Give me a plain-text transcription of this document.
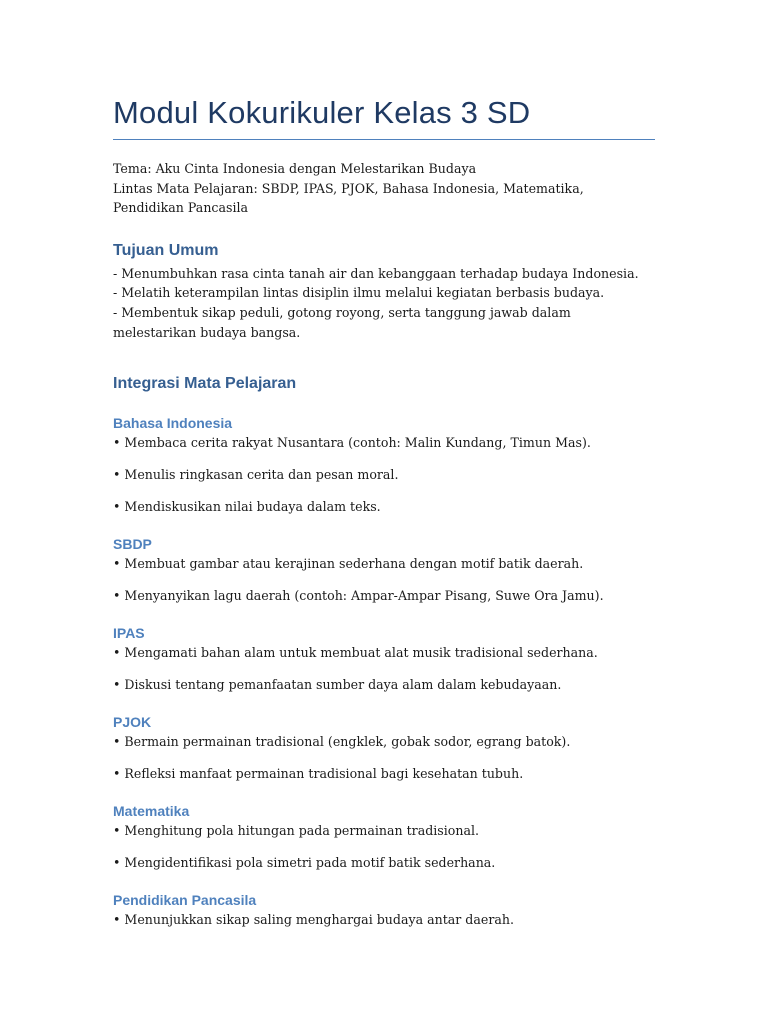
Modul Kokurikuler Kelas 3 SD

Tema: Aku Cinta Indonesia dengan Melestarikan Budaya

Lintas Mata Pelajaran: SBDP, IPAS, PJOK, Bahasa Indonesia, Matematika, Pendidikan Pancasila

Tujuan Umum
- Menumbuhkan rasa cinta tanah air dan kebanggaan terhadap budaya Indonesia.
- Melatih keterampilan lintas disiplin ilmu melalui kegiatan berbasis budaya.
- Membentuk sikap peduli, gotong royong, serta tanggung jawab dalam melestarikan budaya bangsa.
Integrasi Mata Pelajaran
Bahasa Indonesia
• Membaca cerita rakyat Nusantara (contoh: Malin Kundang, Timun Mas).
• Menulis ringkasan cerita dan pesan moral.
• Mendiskusikan nilai budaya dalam teks.
SBDP
• Membuat gambar atau kerajinan sederhana dengan motif batik daerah.
• Menyanyikan lagu daerah (contoh: Ampar-Ampar Pisang, Suwe Ora Jamu).
IPAS
• Mengamati bahan alam untuk membuat alat musik tradisional sederhana.
• Diskusi tentang pemanfaatan sumber daya alam dalam kebudayaan.
PJOK
• Bermain permainan tradisional (engklek, gobak sodor, egrang batok).
• Refleksi manfaat permainan tradisional bagi kesehatan tubuh.
Matematika
• Menghitung pola hitungan pada permainan tradisional.
• Mengidentifikasi pola simetri pada motif batik sederhana.
Pendidikan Pancasila
• Menunjukkan sikap saling menghargai budaya antar daerah.
